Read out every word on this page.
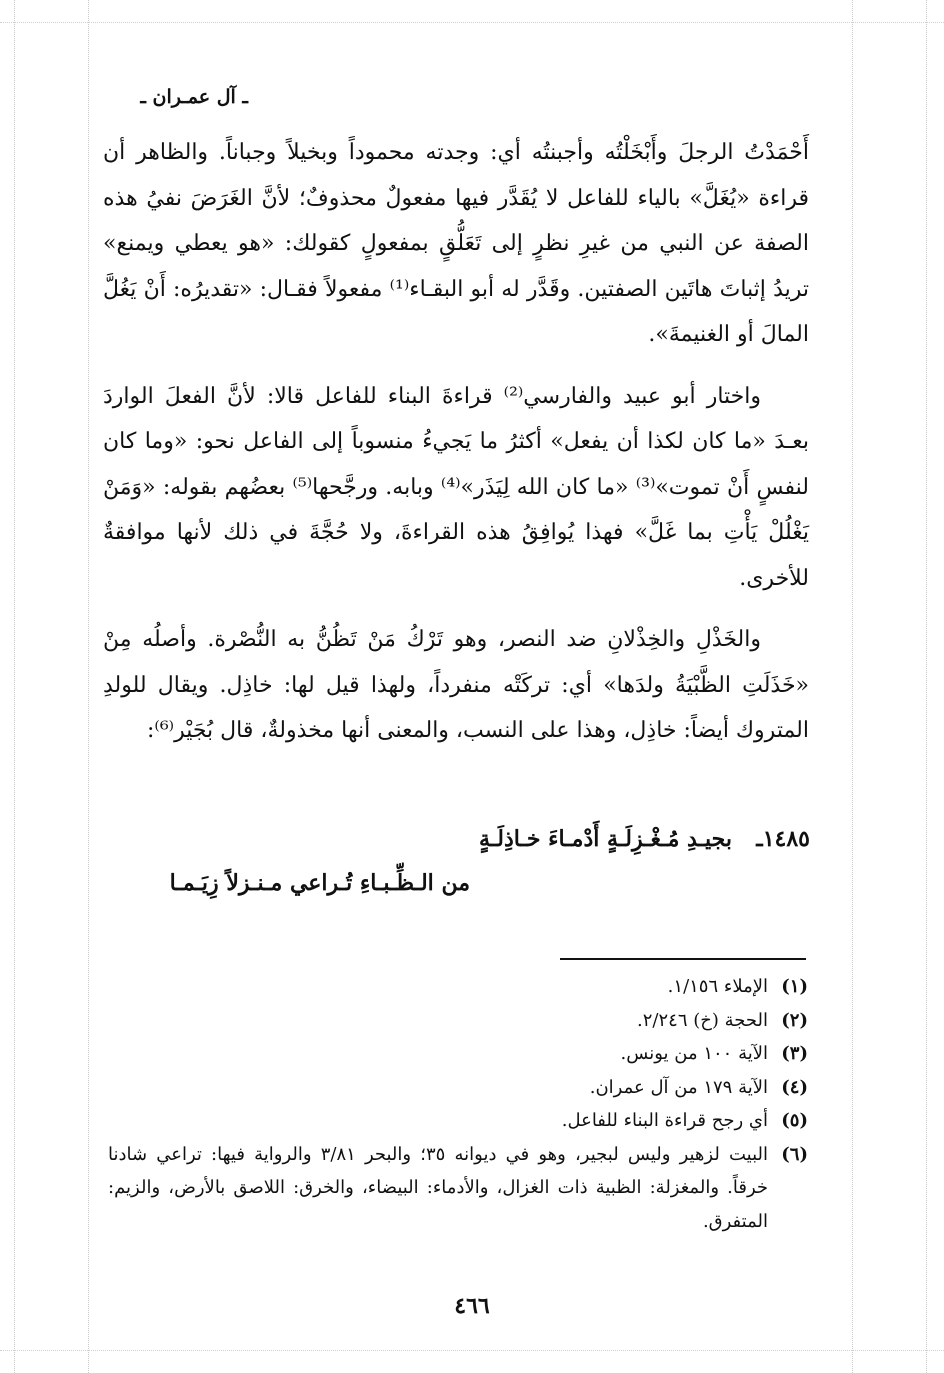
ـ آل عمـران ـ

أَحْمَدْتُ الرجلَ وأَبْخَلْتُه وأجبنتُه أي: وجدته محموداً وبخيلاً وجباناً. والظاهر أن قراءة «يُغَلَّ» بالياء للفاعل لا يُقَدَّر فيها مفعولٌ محذوفٌ؛ لأنَّ الغَرَضَ نفيُ هذه الصفة عن النبي من غيرِ نظرٍ إلى تَعَلُّقٍ بمفعولٍ كقولك: «هو يعطي ويمنع» تريدُ إثباتَ هاتَين الصفتين. وقَدَّر له أبو البقـاء⁽¹⁾ مفعولاً فقـال: «تقديرُه: أَنْ يَغُلَّ المالَ أو الغنيمةَ».

واختار أبو عبيد والفارسي⁽²⁾ قراءةَ البناء للفاعل قالا: لأنَّ الفعلَ الواردَ بعـدَ «ما كان لكذا أن يفعل» أكثرُ ما يَجيءُ منسوباً إلى الفاعل نحو: «وما كان لنفسٍ أَنْ تموت»⁽³⁾ «ما كان الله لِيَذَر»⁽⁴⁾ وبابه. ورجَّحها⁽⁵⁾ بعضُهم بقوله: «وَمَنْ يَغْلُلْ يَأْتِ بما غَلَّ» فهذا يُوافِقُ هذه القراءةَ، ولا حُجَّةَ في ذلك لأنها موافقةٌ للأخرى.

والخَذْلِ والخِذْلانِ ضد النصر، وهو تَرْكُ مَنْ تَظُنُّ به النُّصْرة. وأصلُه مِنْ «خَذَلَتِ الظَّبْيَةُ ولدَها» أي: تركَتْه منفرداً، ولهذا قيل لها: خاذِل. ويقال للولدِ المتروك أيضاً: خاذِل، وهذا على النسب، والمعنى أنها مخذولةٌ، قال بُجَيْر⁽⁶⁾:

١٤٨٥ـ
بجيـدِ مُـغْـزِلَـةٍ أَدْمـاءَ خـاذِلَـةٍ
من الـظِّـبـاءِ تُـراعي مـنـزلاً زِيَـمـا
(١)
الإملاء ١/١٥٦.
(٢)
الحجة (خ) ٢/٢٤٦.
(٣)
الآية ١٠٠ من يونس.
(٤)
الآية ١٧٩ من آل عمران.
(٥)
أي رجح قراءة البناء للفاعل.
(٦)
البيت لزهير وليس لبجير، وهو في ديوانه ٣٥؛ والبحر ٣/٨١ والرواية فيها: تراعي شادنا خرقاً. والمغزلة: الظبية ذات الغزال، والأدماء: البيضاء، والخرق: اللاصق بالأرض، والزيم: المتفرق.
٤٦٦
